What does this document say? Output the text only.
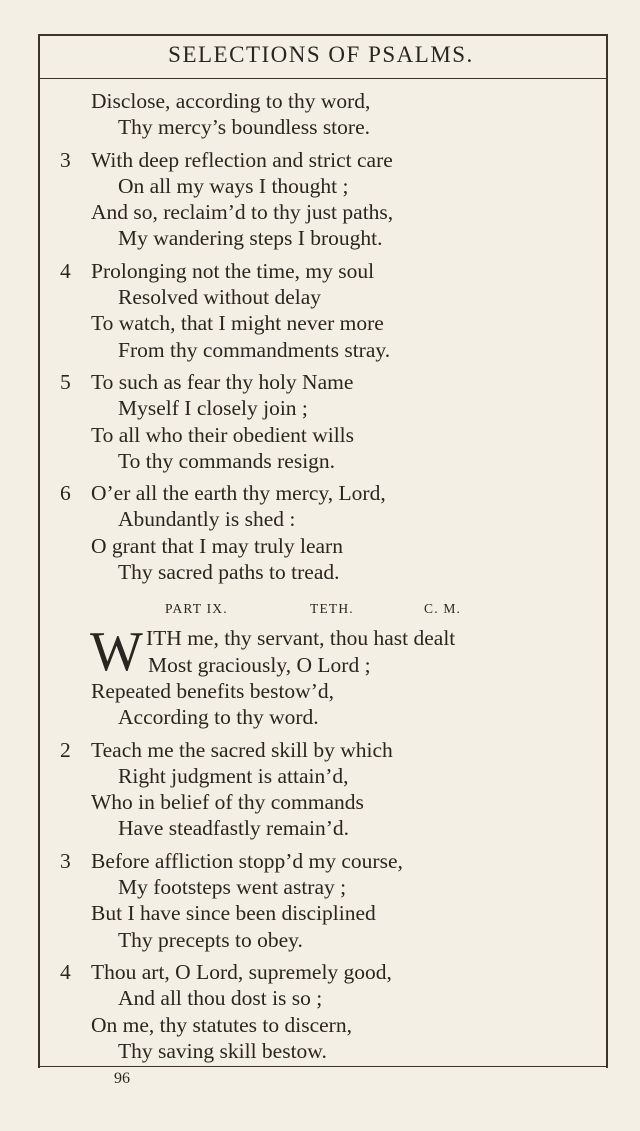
SELECTIONS OF PSALMS.
Disclose, according to thy word,
Thy mercy’s boundless store.
3 With deep reflection and strict care
On all my ways I thought ;
And so, reclaim’d to thy just paths,
My wandering steps I brought.
4 Prolonging not the time, my soul
Resolved without delay
To watch, that I might never more
From thy commandments stray.
5 To such as fear thy holy Name
Myself I closely join ;
To all who their obedient wills
To thy commands resign.
6 O’er all the earth thy mercy, Lord,
Abundantly is shed :
O grant that I may truly learn
Thy sacred paths to tread.
PART IX.	TETH.	C. M.
W ITH me, thy servant, thou hast dealt
Most graciously, O Lord ;
Repeated benefits bestow’d,
According to thy word.
2 Teach me the sacred skill by which
Right judgment is attain’d,
Who in belief of thy commands
Have steadfastly remain’d.
3 Before affliction stopp’d my course,
My footsteps went astray ;
But I have since been disciplined
Thy precepts to obey.
4 Thou art, O Lord, supremely good,
And all thou dost is so ;
On me, thy statutes to discern,
Thy saving skill bestow.
96
